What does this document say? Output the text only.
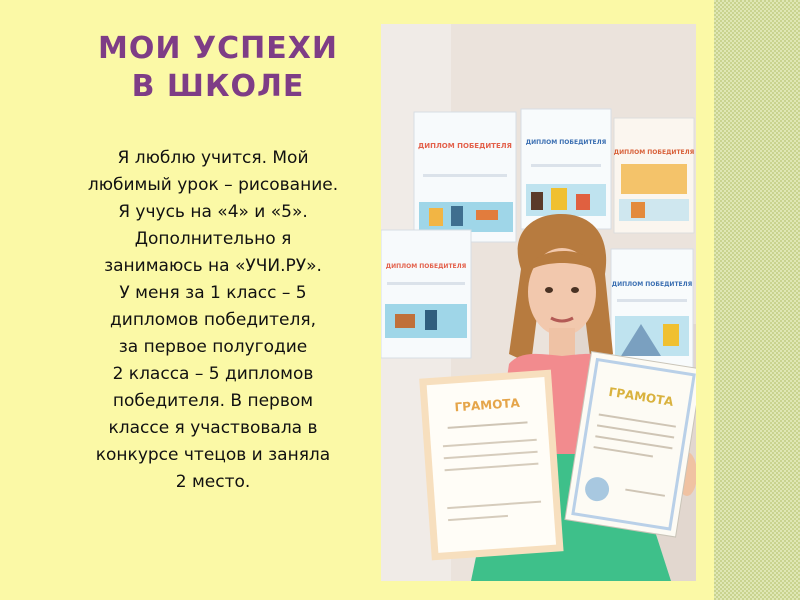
МОИ УСПЕХИ
В ШКОЛЕ
Я люблю учится. Мой
любимый урок – рисование.
Я учусь на «4» и «5».
Дополнительно я
занимаюсь на «УЧИ.РУ».
У меня за 1 класс – 5
дипломов победителя,
за первое полугодие
2 класса – 5 дипломов
победителя. В первом
классе я участвовала в
конкурсе чтецов и заняла
2 место.
ДИПЛОМ ПОБЕДИТЕЛЯ ДИПЛОМ ПОБЕДИТЕЛЯ
ДИПЛОМ ПОБЕДИТЕЛЯ
ДИПЛОМ ПОБЕДИТЕЛЯ
ДИПЛОМ ПОБЕДИТЕЛЯ
ГРАМОТА	ГРАМОТА
